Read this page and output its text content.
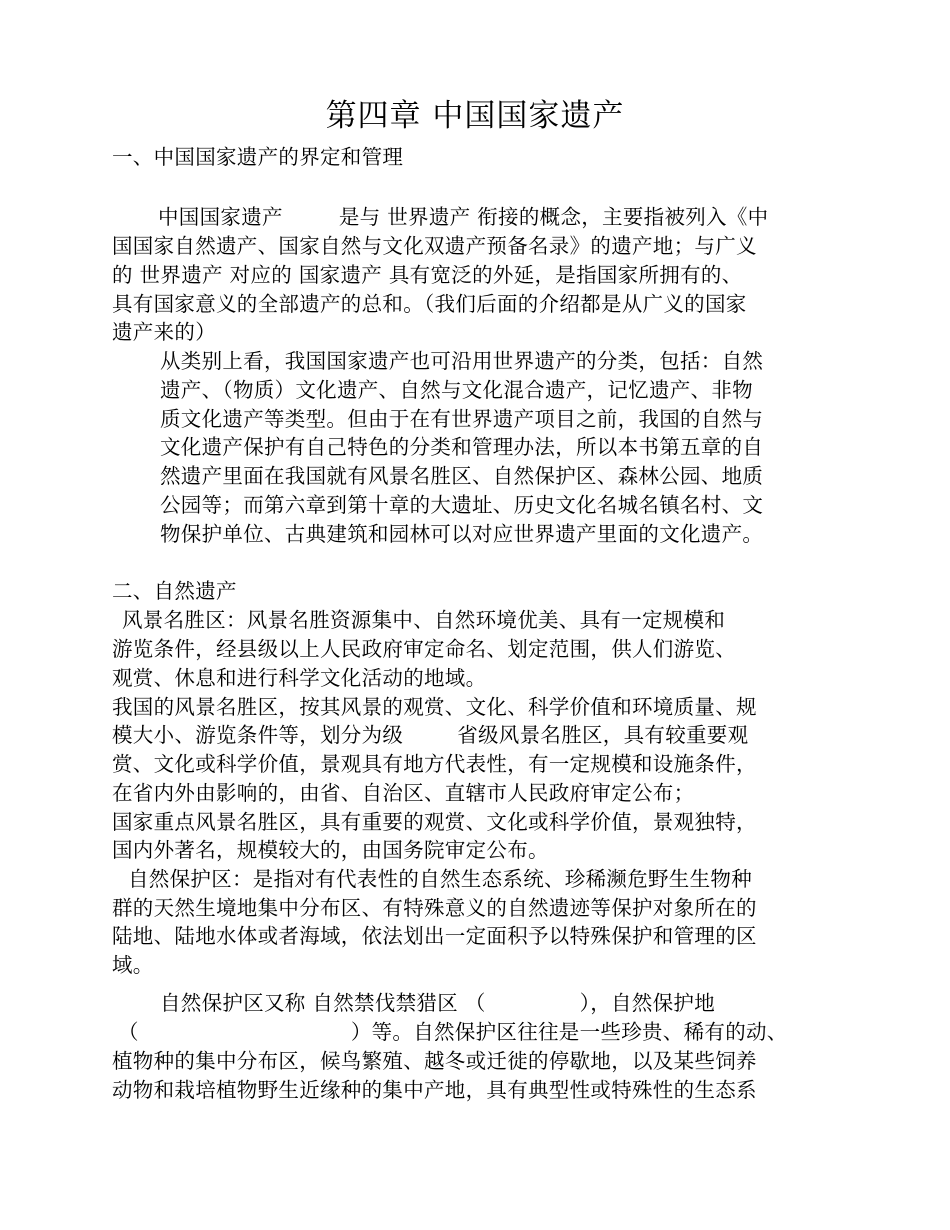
第四章 中国国家遗产
一、中国国家遗产的界定和管理
中国国家遗产	是与 世界遗产 衔接的概念，主要指被列入《中
国国家自然遗产、国家自然与文化双遗产预备名录》的遗产地；与广义
的 世界遗产 对应的 国家遗产 具有宽泛的外延，是指国家所拥有的、
具有国家意义的全部遗产的总和。（我们后面的介绍都是从广义的国家
遗产来的）
从类别上看，我国国家遗产也可沿用世界遗产的分类，包括：自然
遗产、（物质）文化遗产、自然与文化混合遗产，记忆遗产、非物
质文化遗产等类型。但由于在有世界遗产项目之前，我国的自然与
文化遗产保护有自己特色的分类和管理办法，所以本书第五章的自
然遗产里面在我国就有风景名胜区、自然保护区、森林公园、地质
公园等；而第六章到第十章的大遗址、历史文化名城名镇名村、文
物保护单位、古典建筑和园林可以对应世界遗产里面的文化遗产。
二、自然遗产
风景名胜区：风景名胜资源集中、自然环境优美、具有一定规模和
游览条件，经县级以上人民政府审定命名、划定范围，供人们游览、
观赏、休息和进行科学文化活动的地域。
我国的风景名胜区，按其风景的观赏、文化、科学价值和环境质量、规
模大小、游览条件等，划分为级	省级风景名胜区，具有较重要观
赏、文化或科学价值，景观具有地方代表性，有一定规模和设施条件，
在省内外由影响的，由省、自治区、直辖市人民政府审定公布；
国家重点风景名胜区，具有重要的观赏、文化或科学价值，景观独特，
国内外著名，规模较大的，由国务院审定公布。
自然保护区：是指对有代表性的自然生态系统、珍稀濒危野生生物种
群的天然生境地集中分布区、有特殊意义的自然遗迹等保护对象所在的
陆地、陆地水体或者海域，依法划出一定面积予以特殊保护和管理的区
域。
自然保护区又称 自然禁伐禁猎区 （	），自然保护地
（	）等。自然保护区往往是一些珍贵、稀有的动、
植物种的集中分布区，候鸟繁殖、越冬或迁徙的停歇地，以及某些饲养
动物和栽培植物野生近缘种的集中产地，具有典型性或特殊性的生态系
